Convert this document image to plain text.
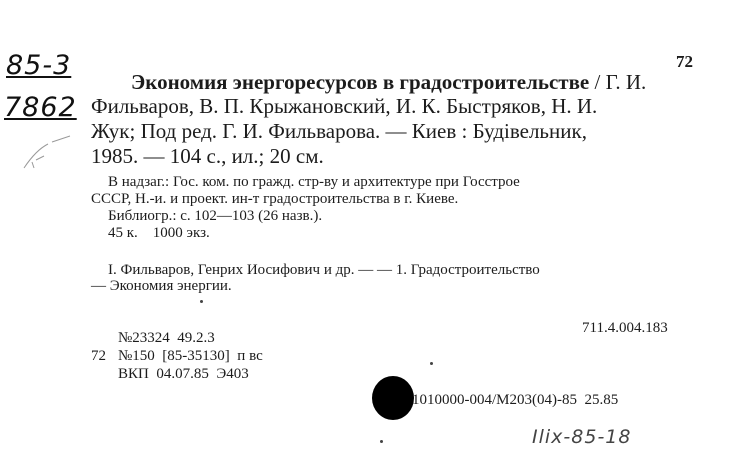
85-3
7862
72
Экономия энергоресурсов в градостроительстве / Г. И.
Фильваров, В. П. Крыжановский, И. К. Быстряков, Н. И.
Жук; Под ред. Г. И. Фильварова. — Киев : Будівельник,
1985. — 104 с., ил.; 20 см.
В надзаг.: Гос. ком. по гражд. стр-ву и архитектуре при Госстрое
СССР, Н.-и. и проект. ин-т градостроительства в г. Киеве.
Библиогр.: с. 102—103 (26 назв.).
45 к.    1000 экз.
I. Фильваров, Генрих Иосифович и др. — — 1. Градостроительство
— Экономия энергии.
№23324  49.2.3
711.4.004.183
72 №150  [85-35130]  п вс
ВКП  04.07.85  Э403
1010000-004/М203(04)-85  25.85
Ilix-85-18
